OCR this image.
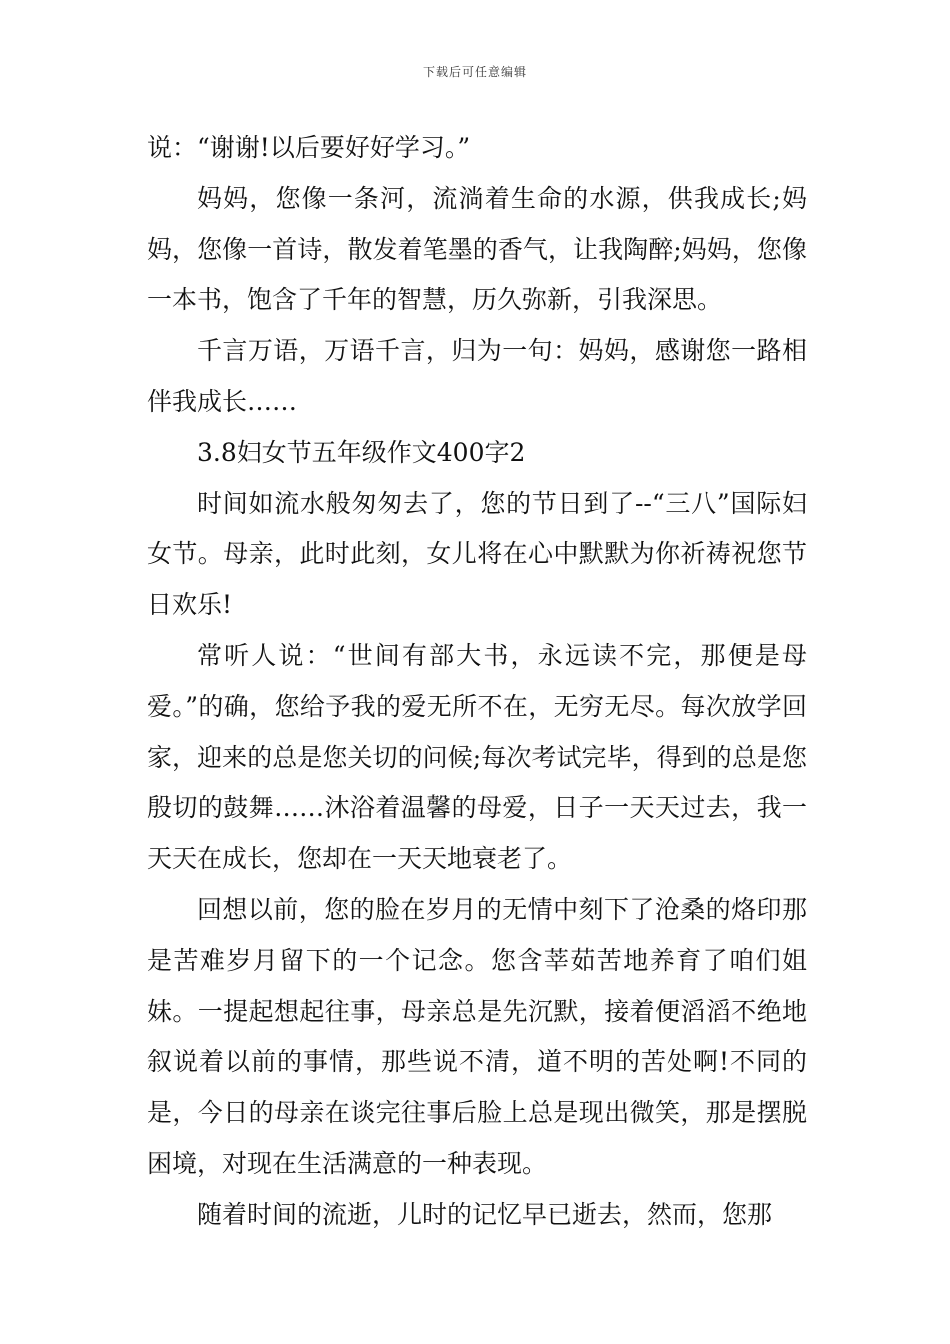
下载后可任意编辑

说：“谢谢!以后要好好学习。”

妈妈，您像一条河，流淌着生命的水源，供我成长;妈妈，您像一首诗，散发着笔墨的香气，让我陶醉;妈妈，您像一本书，饱含了千年的智慧，历久弥新，引我深思。

千言万语，万语千言，归为一句：妈妈，感谢您一路相伴我成长……

3.8妇女节五年级作文400字2

时间如流水般匆匆去了，您的节日到了--“三八”国际妇女节。母亲，此时此刻，女儿将在心中默默为你祈祷祝您节日欢乐!

常听人说：“世间有部大书，永远读不完，那便是母爱。”的确，您给予我的爱无所不在，无穷无尽。每次放学回家，迎来的总是您关切的问候;每次考试完毕，得到的总是您殷切的鼓舞……沐浴着温馨的母爱，日子一天天过去，我一天天在成长，您却在一天天地衰老了。

回想以前，您的脸在岁月的无情中刻下了沧桑的烙印那是苦难岁月留下的一个记念。您含莘茹苦地养育了咱们姐妹。一提起想起往事，母亲总是先沉默，接着便滔滔不绝地叙说着以前的事情，那些说不清，道不明的苦处啊!不同的是，今日的母亲在谈完往事后脸上总是现出微笑，那是摆脱困境，对现在生活满意的一种表现。

随着时间的流逝，儿时的记忆早已逝去，然而，您那
